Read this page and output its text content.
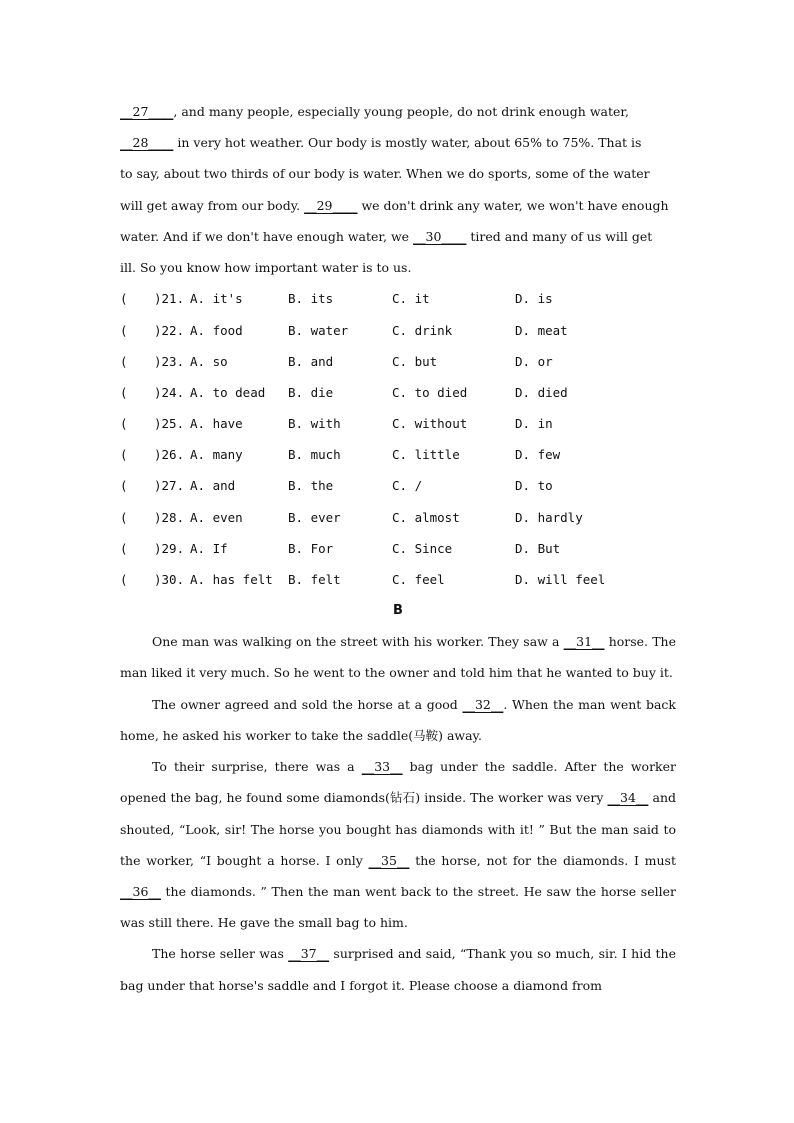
__27____, and many people, especially young people, do not drink enough water,

__28____ in very hot weather. Our body is mostly water, about 65% to 75%. That is

to say, about two thirds of our body is water. When we do sports, some of the water

will get away from our body. __29____ we don't drink any water, we won't have enough

water. And if we don't have enough water, we __30____ tired and many of us will get

ill. So you know how important water is to us.

(	)21. A. it's	B. its	C. it	D. is
(	)22. A. food	B. water	C. drink	D. meat
(	)23. A. so	B. and	C. but	D. or
(	)24. A. to dead	B. die	C. to died	D. died
(	)25. A. have	B. with	C. without	D. in
(	)26. A. many	B. much	C. little	D. few
(	)27. A. and	B. the	C. /	D. to
(	)28. A. even	B. ever	C. almost	D. hardly
(	)29. A. If	B. For	C. Since	D. But
(	)30. A. has felt	B. felt	C. feel	D. will feel
B

One man was walking on the street with his worker. They saw a __31__ horse. The man liked it very much. So he went to the owner and told him that he wanted to buy it.

The owner agreed and sold the horse at a good __32__. When the man went back home, he asked his worker to take the saddle(马鞍) away.

To their surprise, there was a __33__ bag under the saddle. After the worker opened the bag, he found some diamonds(钻石) inside. The worker was very __34__ and shouted, “Look, sir! The horse you bought has diamonds with it! ” But the man said to the worker, “I bought a horse. I only __35__ the horse, not for the diamonds. I must __36__ the diamonds. ” Then the man went back to the street. He saw the horse seller was still there. He gave the small bag to him.

The horse seller was __37__ surprised and said, “Thank you so much, sir. I hid the bag under that horse's saddle and I forgot it. Please choose a diamond from
